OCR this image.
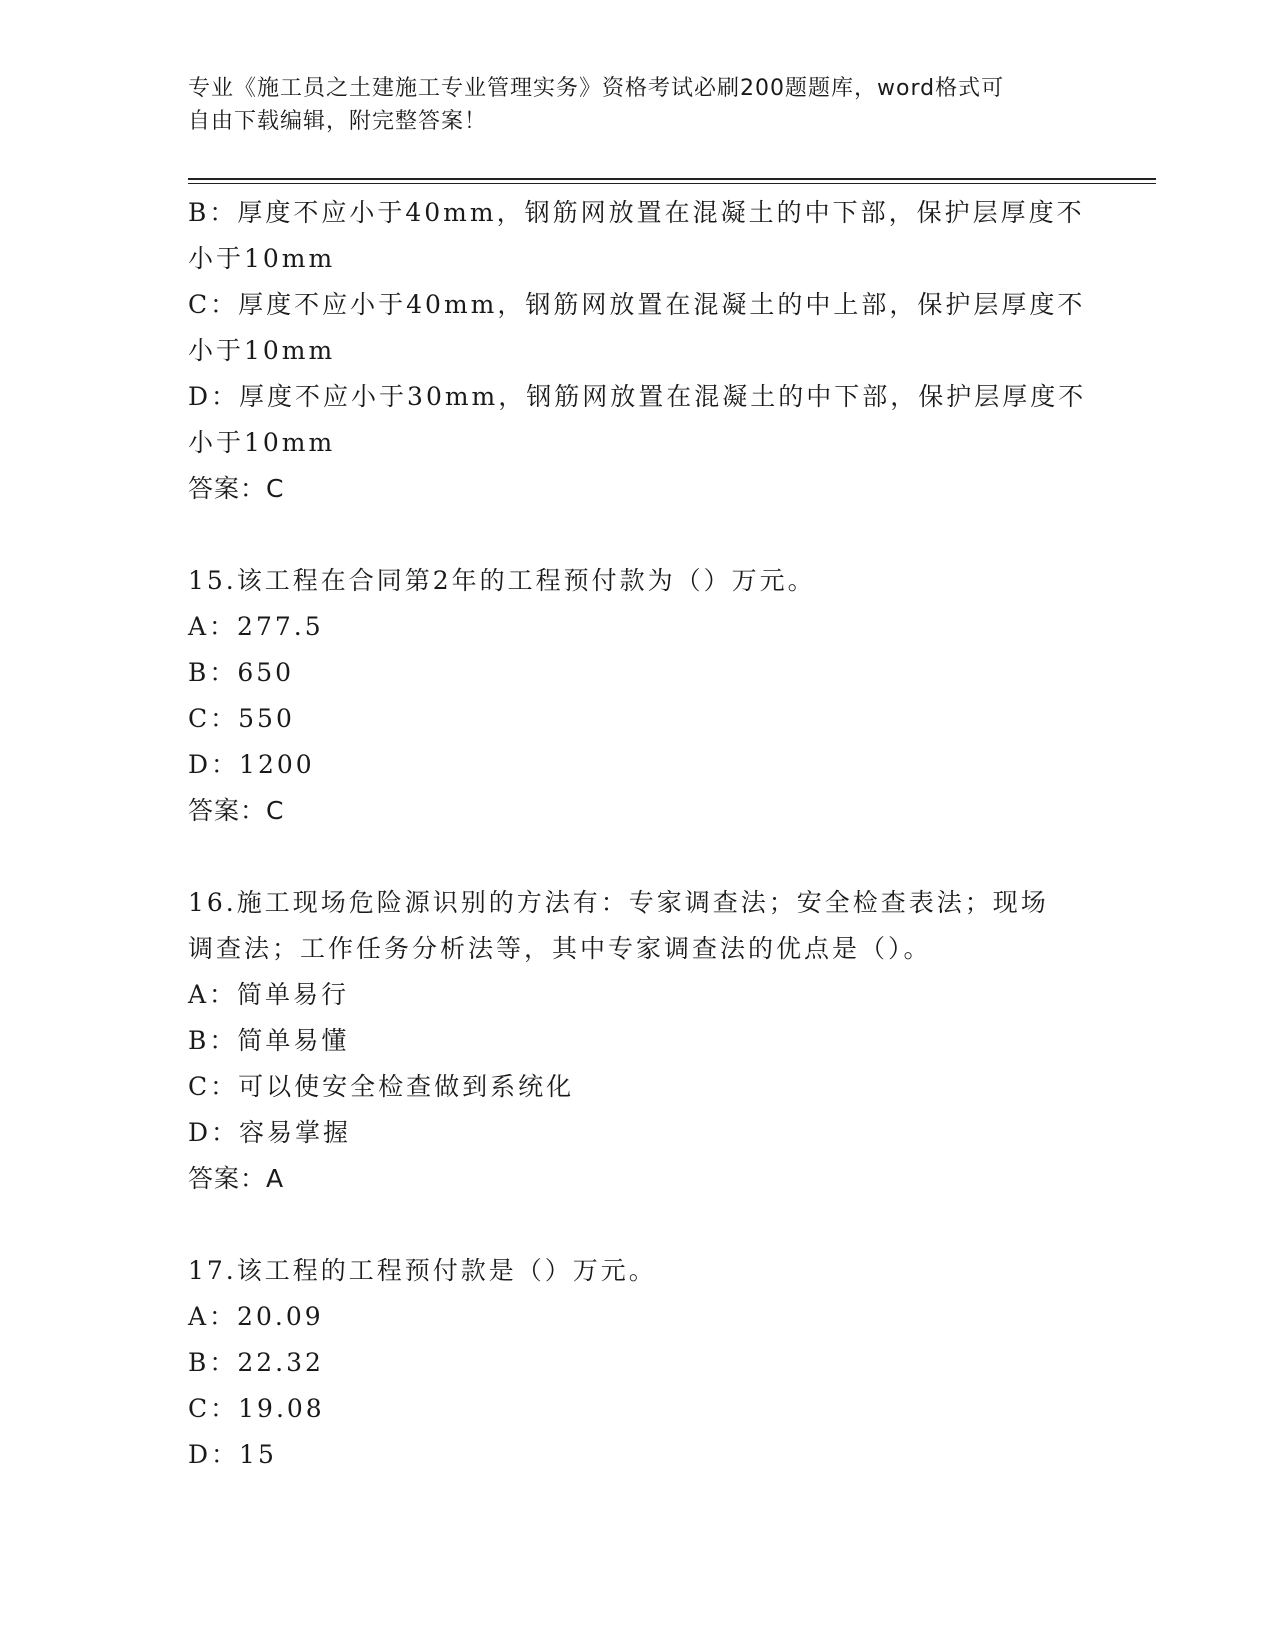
专业《施工员之土建施工专业管理实务》资格考试必刷200题题库，word格式可
自由下载编辑，附完整答案！
B：厚度不应小于40mm，钢筋网放置在混凝土的中下部，保护层厚度不
小于10mm
C：厚度不应小于40mm，钢筋网放置在混凝土的中上部，保护层厚度不
小于10mm
D：厚度不应小于30mm，钢筋网放置在混凝土的中下部，保护层厚度不
小于10mm
答案：C
15.该工程在合同第2年的工程预付款为（）万元。
A：277.5
B：650
C：550
D：1200
答案：C
16.施工现场危险源识别的方法有：专家调查法；安全检查表法；现场
调查法；工作任务分析法等，其中专家调查法的优点是（）。
A：简单易行
B：简单易懂
C：可以使安全检查做到系统化
D：容易掌握
答案：A
17.该工程的工程预付款是（）万元。
A：20.09
B：22.32
C：19.08
D：15
